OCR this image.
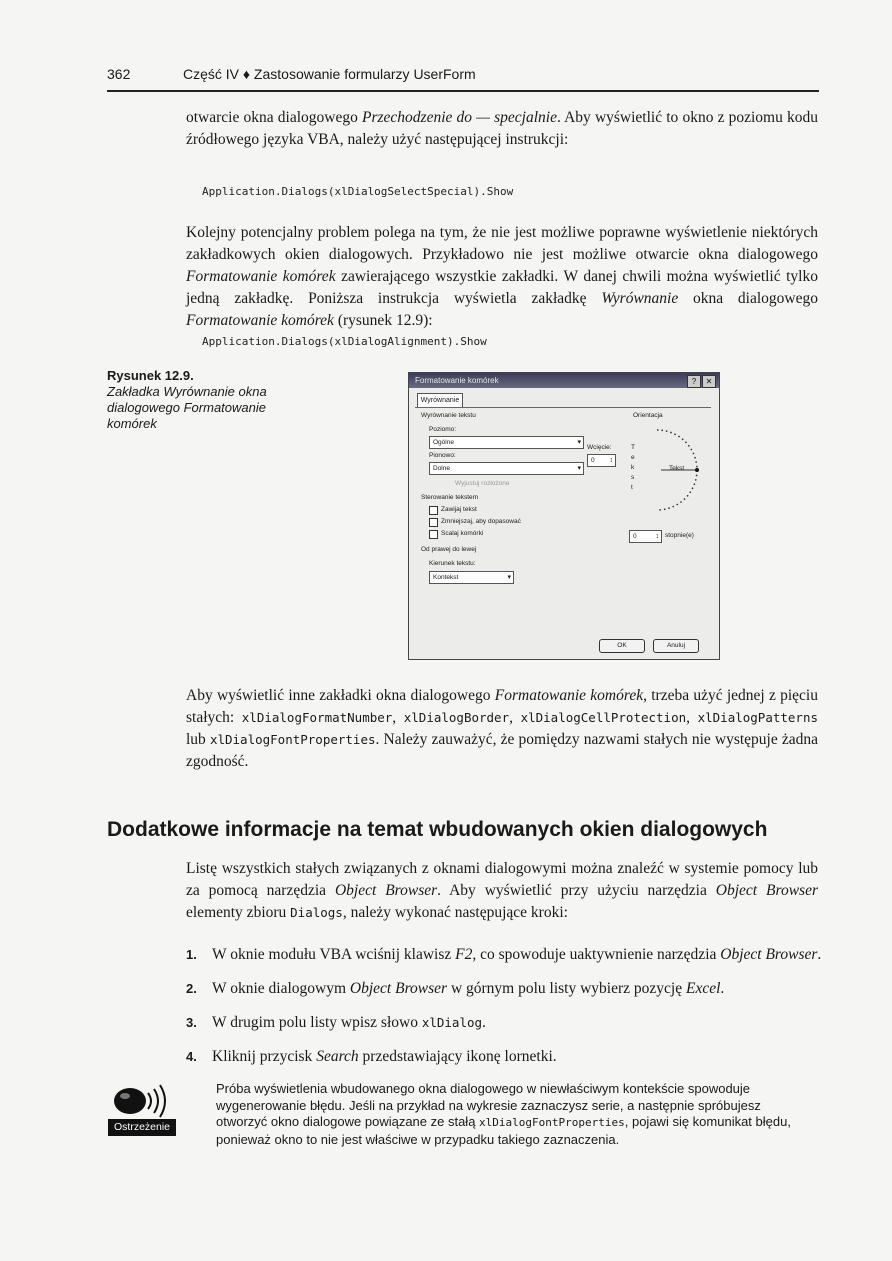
362	Część IV ♦ Zastosowanie formularzy UserForm

otwarcie okna dialogowego Przechodzenie do — specjalnie. Aby wyświetlić to okno z poziomu kodu źródłowego języka VBA, należy użyć następującej instrukcji:

Application.Dialogs(xlDialogSelectSpecial).Show

Kolejny potencjalny problem polega na tym, że nie jest możliwe poprawne wyświetlenie niektórych zakładkowych okien dialogowych. Przykładowo nie jest możliwe otwarcie okna dialogowego Formatowanie komórek zawierającego wszystkie zakładki. W danej chwili można wyświetlić tylko jedną zakładkę. Poniższa instrukcja wyświetla zakładkę Wyrównanie okna dialogowego Formatowanie komórek (rysunek 12.9):

Application.Dialogs(xlDialogAlignment).Show
Rysunek 12.9.
Zakładka Wyrównanie okna dialogowego Formatowanie komórek
Formatowanie komórek	?	✕
Wyrównanie
Wyrównanie tekstu
Poziomo:
Ogólne	▾
Pionowo:
Dolne	▾
Wcięcie:
0 ↕
Wyjustuj rozłożone
Sterowanie tekstem
Zawijaj tekst
Zmniejszaj, aby dopasować
Scalaj komórki
Od prawej do lewej
Kierunek tekstu:
Kontekst	▾
Orientacja
T
e
k
s
t
Tekst
0	↕ stopnie(e)
OK	Anuluj

Aby wyświetlić inne zakładki okna dialogowego Formatowanie komórek, trzeba użyć jednej z pięciu stałych: xlDialogFormatNumber, xlDialogBorder, xlDialogCellProtection, xlDialogPatterns lub xlDialogFontProperties. Należy zauważyć, że pomiędzy nazwami stałych nie występuje żadna zgodność.

Dodatkowe informacje na temat wbudowanych okien dialogowych

Listę wszystkich stałych związanych z oknami dialogowymi można znaleźć w systemie pomocy lub za pomocą narzędzia Object Browser. Aby wyświetlić przy użyciu narzędzia Object Browser elementy zbioru Dialogs, należy wykonać następujące kroki:

1. W oknie modułu VBA wciśnij klawisz F2, co spowoduje uaktywnienie narzędzia Object Browser.
2. W oknie dialogowym Object Browser w górnym polu listy wybierz pozycję Excel.
3. W drugim polu listy wpisz słowo xlDialog.
4. Kliknij przycisk Search przedstawiający ikonę lornetki.
Ostrzeżenie
Próba wyświetlenia wbudowanego okna dialogowego w niewłaściwym kontekście spowoduje wygenerowanie błędu. Jeśli na przykład na wykresie zaznaczysz serie, a następnie spróbujesz otworzyć okno dialogowe powiązane ze stałą xlDialogFontProperties, pojawi się komunikat błędu, ponieważ okno to nie jest właściwe w przypadku takiego zaznaczenia.
